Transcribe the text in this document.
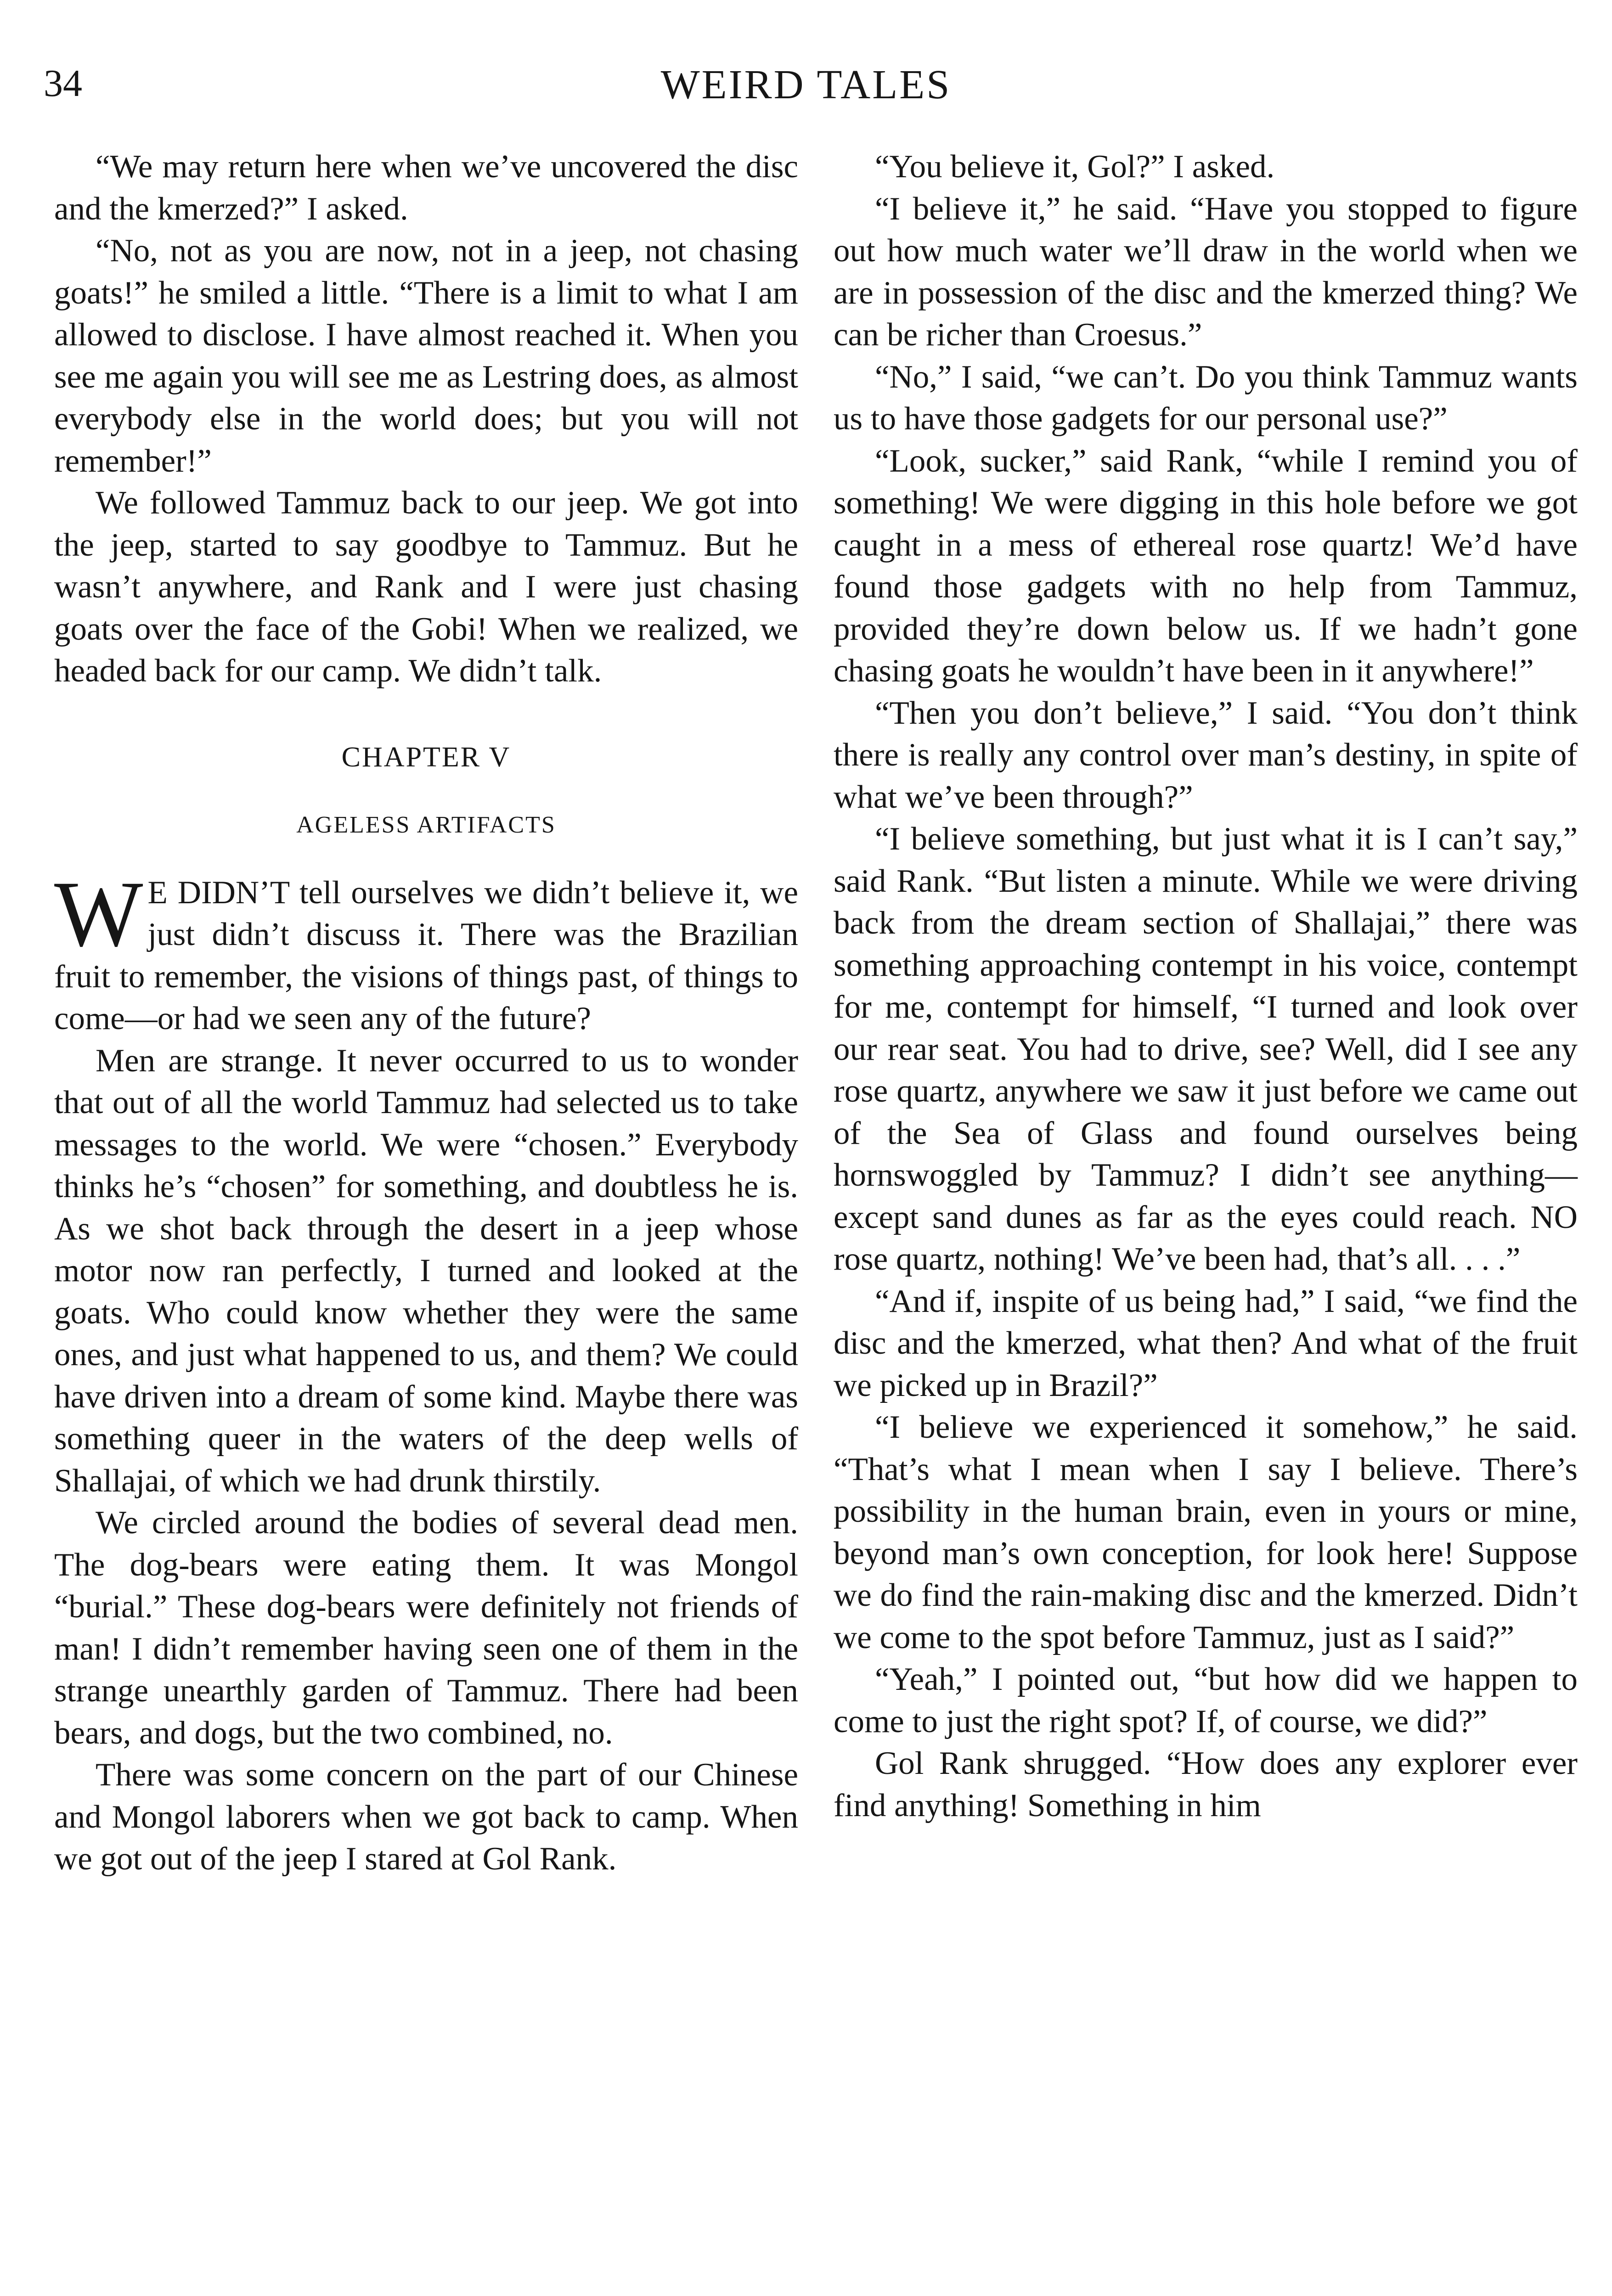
34	WEIRD TALES

“We may return here when we’ve uncovered the disc and the kmerzed?” I asked.

“No, not as you are now, not in a jeep, not chasing goats!” he smiled a little. “There is a limit to what I am allowed to disclose. I have almost reached it. When you see me again you will see me as Lestring does, as almost everybody else in the world does; but you will not remember!”

We followed Tammuz back to our jeep. We got into the jeep, started to say goodbye to Tammuz. But he wasn’t anywhere, and Rank and I were just chasing goats over the face of the Gobi! When we realized, we headed back for our camp. We didn’t talk.

CHAPTER V
AGELESS ARTIFACTS

W E DIDN’T tell ourselves we didn’t believe it, we just didn’t discuss it. There was the Brazilian fruit to remember, the visions of things past, of things to come—or had we seen any of the future?

Men are strange. It never occurred to us to wonder that out of all the world Tammuz had selected us to take messages to the world. We were “chosen.” Everybody thinks he’s “chosen” for something, and doubtless he is. As we shot back through the desert in a jeep whose motor now ran perfectly, I turned and looked at the goats. Who could know whether they were the same ones, and just what happened to us, and them? We could have driven into a dream of some kind. Maybe there was something queer in the waters of the deep wells of Shallajai, of which we had drunk thirstily.

We circled around the bodies of several dead men. The dog-bears were eating them. It was Mongol “burial.” These dog-bears were definitely not friends of man! I didn’t remember having seen one of them in the strange unearthly garden of Tammuz. There had been bears, and dogs, but the two combined, no.

There was some concern on the part of our Chinese and Mongol laborers when we got back to camp. When we got out of the jeep I stared at Gol Rank.

“You believe it, Gol?” I asked.

“I believe it,” he said. “Have you stopped to figure out how much water we’ll draw in the world when we are in possession of the disc and the kmerzed thing? We can be richer than Croesus.”

“No,” I said, “we can’t. Do you think Tammuz wants us to have those gadgets for our personal use?”

“Look, sucker,” said Rank, “while I remind you of something! We were digging in this hole before we got caught in a mess of ethereal rose quartz! We’d have found those gadgets with no help from Tammuz, provided they’re down below us. If we hadn’t gone chasing goats he wouldn’t have been in it anywhere!”

“Then you don’t believe,” I said. “You don’t think there is really any control over man’s destiny, in spite of what we’ve been through?”

“I believe something, but just what it is I can’t say,” said Rank. “But listen a minute. While we were driving back from the dream section of Shallajai,” there was something approaching contempt in his voice, contempt for me, contempt for himself, “I turned and look over our rear seat. You had to drive, see? Well, did I see any rose quartz, anywhere we saw it just before we came out of the Sea of Glass and found ourselves being hornswoggled by Tammuz? I didn’t see anything—except sand dunes as far as the eyes could reach. NO rose quartz, nothing! We’ve been had, that’s all. . . .”

“And if, inspite of us being had,” I said, “we find the disc and the kmerzed, what then? And what of the fruit we picked up in Brazil?”

“I believe we experienced it somehow,” he said. “That’s what I mean when I say I believe. There’s possibility in the human brain, even in yours or mine, beyond man’s own conception, for look here! Suppose we do find the rain-making disc and the kmerzed. Didn’t we come to the spot before Tammuz, just as I said?”

“Yeah,” I pointed out, “but how did we happen to come to just the right spot? If, of course, we did?”

Gol Rank shrugged. “How does any explorer ever find anything! Something in him
